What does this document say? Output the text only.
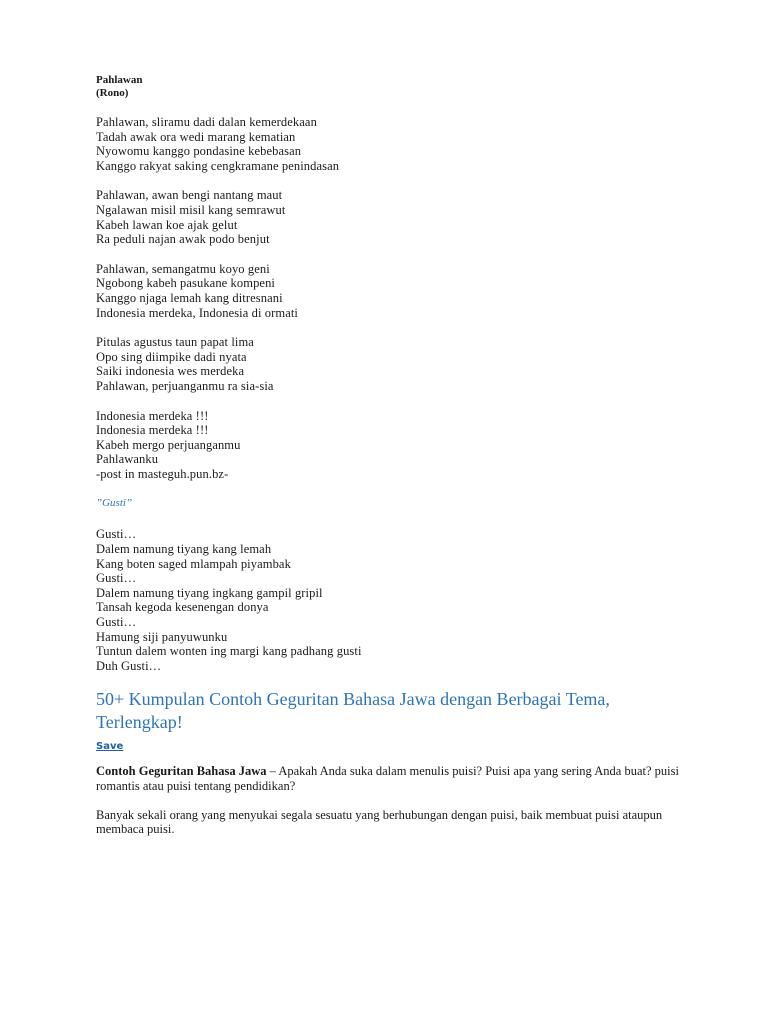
Pahlawan
(Rono)
Pahlawan, sliramu dadi dalan kemerdekaan
Tadah awak ora wedi marang kematian
Nyowomu kanggo pondasine kebebasan
Kanggo rakyat saking cengkramane penindasan
Pahlawan, awan bengi nantang maut
Ngalawan misil misil kang semrawut
Kabeh lawan koe ajak gelut
Ra peduli najan awak podo benjut
Pahlawan, semangatmu koyo geni
Ngobong kabeh pasukane kompeni
Kanggo njaga lemah kang ditresnani
Indonesia merdeka, Indonesia di ormati
Pitulas agustus taun papat lima
Opo sing diimpike dadi nyata
Saiki indonesia wes merdeka
Pahlawan, perjuanganmu ra sia-sia
Indonesia merdeka !!!
Indonesia merdeka !!!
Kabeh mergo perjuanganmu
Pahlawanku
-post in masteguh.pun.bz-
”Gusti”
Gusti…
Dalem namung tiyang kang lemah
Kang boten saged mlampah piyambak
Gusti…
Dalem namung tiyang ingkang gampil gripil
Tansah kegoda kesenengan donya
Gusti…
Hamung siji panyuwunku
Tuntun dalem wonten ing margi kang padhang gusti
Duh Gusti…
50+ Kumpulan Contoh Geguritan Bahasa Jawa dengan Berbagai Tema, Terlengkap!
Save

Contoh Geguritan Bahasa Jawa – Apakah Anda suka dalam menulis puisi? Puisi apa yang sering Anda buat? puisi romantis atau puisi tentang pendidikan?

Banyak sekali orang yang menyukai segala sesuatu yang berhubungan dengan puisi, baik membuat puisi ataupun membaca puisi.
